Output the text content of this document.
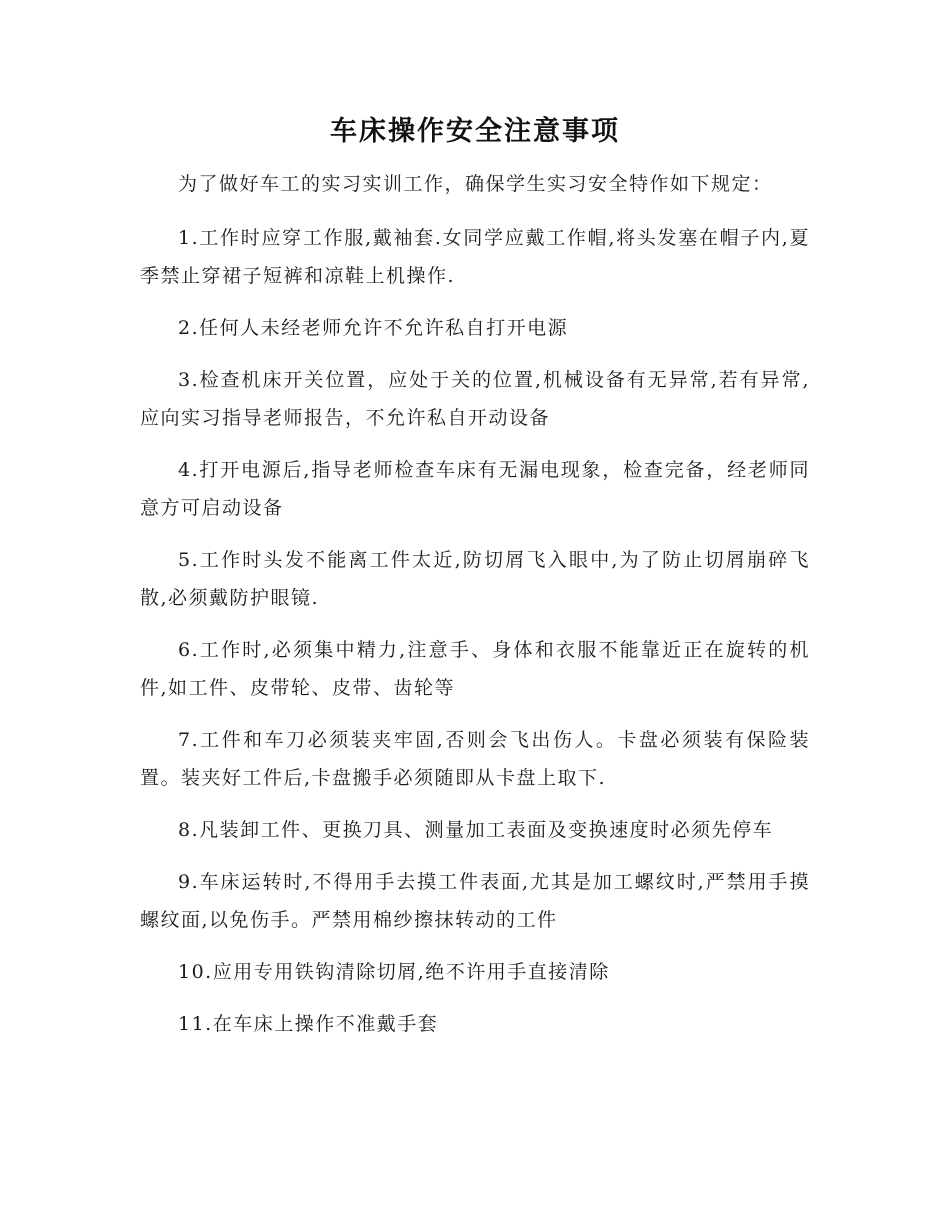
车床操作安全注意事项

为了做好车工的实习实训工作，确保学生实习安全特作如下规定：

1.工作时应穿工作服,戴袖套.女同学应戴工作帽,将头发塞在帽子内,夏季禁止穿裙子短裤和凉鞋上机操作.

2.任何人未经老师允许不允许私自打开电源

3.检查机床开关位置，应处于关的位置,机械设备有无异常,若有异常,应向实习指导老师报告，不允许私自开动设备

4.打开电源后,指导老师检查车床有无漏电现象，检查完备，经老师同意方可启动设备

5.工作时头发不能离工件太近,防切屑飞入眼中,为了防止切屑崩碎飞散,必须戴防护眼镜.

6.工作时,必须集中精力,注意手、身体和衣服不能靠近正在旋转的机件,如工件、皮带轮、皮带、齿轮等

7.工件和车刀必须装夹牢固,否则会飞出伤人。卡盘必须装有保险装置。装夹好工件后,卡盘搬手必须随即从卡盘上取下.

8.凡装卸工件、更换刀具、测量加工表面及变换速度时必须先停车

9.车床运转时,不得用手去摸工件表面,尤其是加工螺纹时,严禁用手摸螺纹面,以免伤手。严禁用棉纱擦抹转动的工件

10.应用专用铁钩清除切屑,绝不许用手直接清除

11.在车床上操作不准戴手套
